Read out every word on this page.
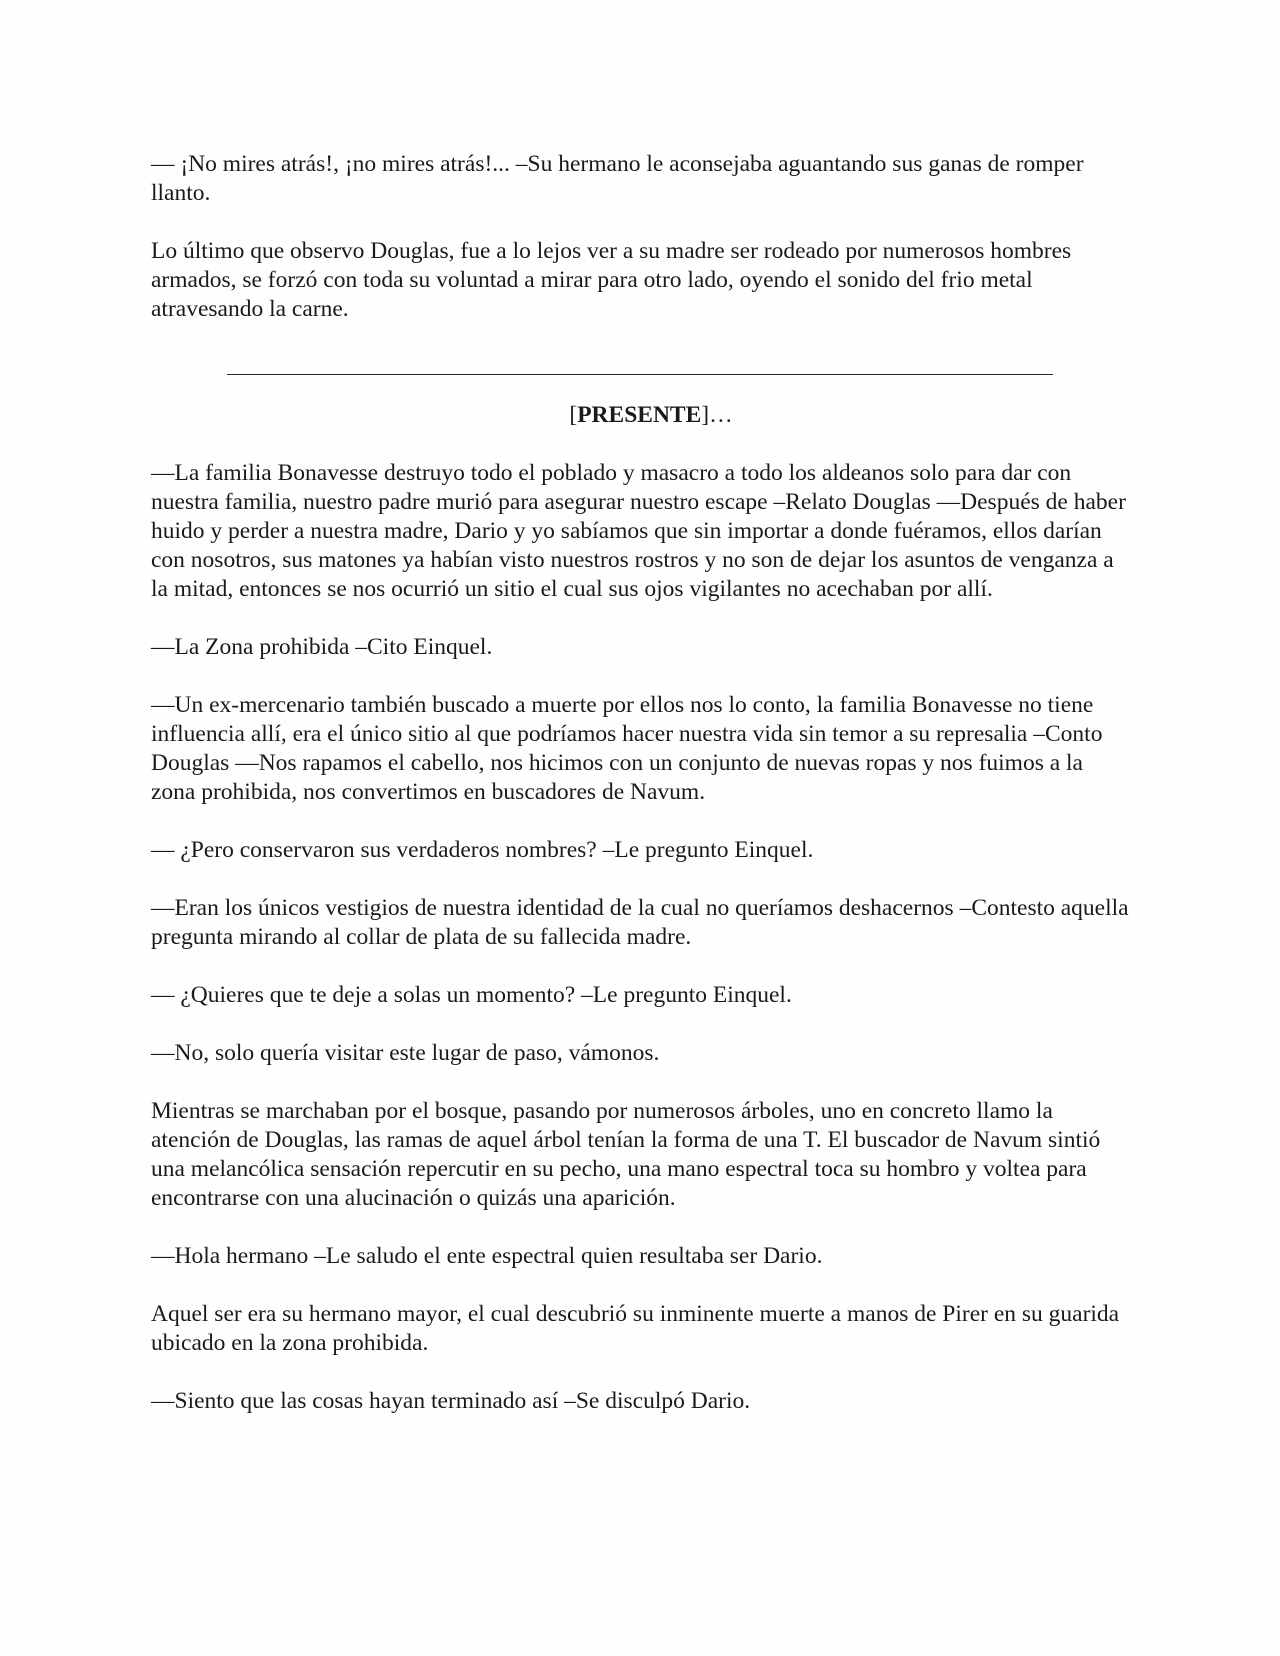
— ¡No mires atrás!, ¡no mires atrás!... –Su hermano le aconsejaba aguantando sus ganas de romper llanto.

Lo último que observo Douglas, fue a lo lejos ver a su madre ser rodeado por numerosos hombres armados, se forzó con toda su voluntad a mirar para otro lado, oyendo el sonido del frio metal atravesando la carne.

[PRESENTE]…

—La familia Bonavesse destruyo todo el poblado y masacro a todo los aldeanos solo para dar con nuestra familia, nuestro padre murió para asegurar nuestro escape –Relato Douglas —Después de haber huido y perder a nuestra madre, Dario y yo sabíamos que sin importar a donde fuéramos, ellos darían con nosotros, sus matones ya habían visto nuestros rostros y no son de dejar los asuntos de venganza a la mitad, entonces se nos ocurrió un sitio el cual sus ojos vigilantes no acechaban por allí.

—La Zona prohibida –Cito Einquel.

—Un ex-mercenario también buscado a muerte por ellos nos lo conto, la familia Bonavesse no tiene influencia allí, era el único sitio al que podríamos hacer nuestra vida sin temor a su represalia –Conto Douglas —Nos rapamos el cabello, nos hicimos con un conjunto de nuevas ropas y nos fuimos a la zona prohibida, nos convertimos en buscadores de Navum.

— ¿Pero conservaron sus verdaderos nombres? –Le pregunto Einquel.

—Eran los únicos vestigios de nuestra identidad de la cual no queríamos deshacernos –Contesto aquella pregunta mirando al collar de plata de su fallecida madre.

— ¿Quieres que te deje a solas un momento? –Le pregunto Einquel.

—No, solo quería visitar este lugar de paso, vámonos.

Mientras se marchaban por el bosque, pasando por numerosos árboles, uno en concreto llamo la atención de Douglas, las ramas de aquel árbol tenían la forma de una T. El buscador de Navum sintió una melancólica sensación repercutir en su pecho, una mano espectral toca su hombro y voltea para encontrarse con una alucinación o quizás una aparición.

—Hola hermano –Le saludo el ente espectral quien resultaba ser Dario.

Aquel ser era su hermano mayor, el cual descubrió su inminente muerte a manos de Pirer en su guarida ubicado en la zona prohibida.

—Siento que las cosas hayan terminado así –Se disculpó Dario.
